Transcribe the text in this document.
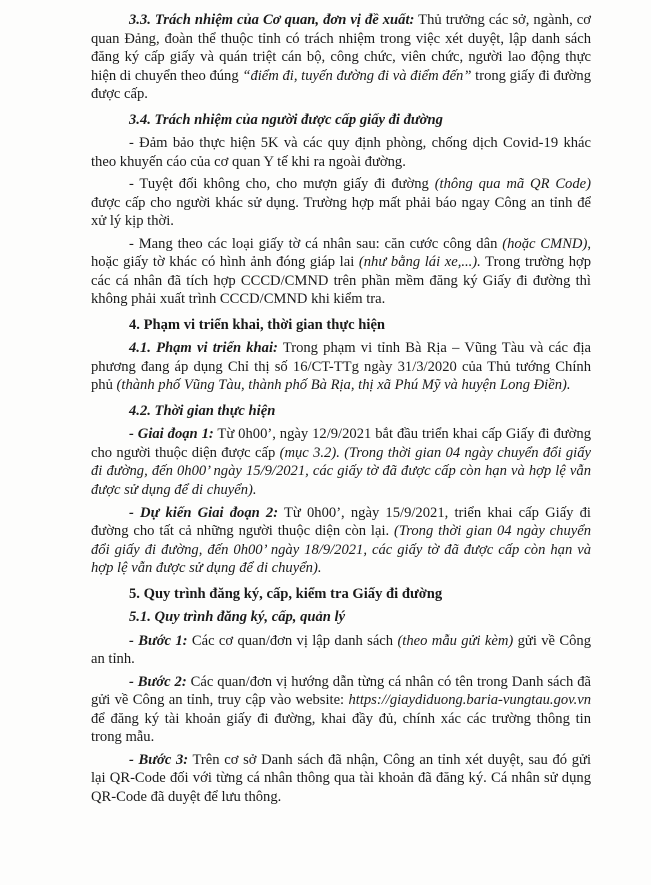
3.3. Trách nhiệm của Cơ quan, đơn vị đề xuất: Thủ trưởng các sở, ngành, cơ quan Đảng, đoàn thể thuộc tỉnh có trách nhiệm trong việc xét duyệt, lập danh sách đăng ký cấp giấy và quán triệt cán bộ, công chức, viên chức, người lao động thực hiện di chuyển theo đúng “điểm đi, tuyến đường đi và điểm đến” trong giấy đi đường được cấp.

3.4. Trách nhiệm của người được cấp giấy đi đường

- Đảm bảo thực hiện 5K và các quy định phòng, chống dịch Covid-19 khác theo khuyến cáo của cơ quan Y tế khi ra ngoài đường.

- Tuyệt đối không cho, cho mượn giấy đi đường (thông qua mã QR Code) được cấp cho người khác sử dụng. Trường hợp mất phải báo ngay Công an tỉnh để xử lý kịp thời.

- Mang theo các loại giấy tờ cá nhân sau: căn cước công dân (hoặc CMND), hoặc giấy tờ khác có hình ảnh đóng giáp lai (như bằng lái xe,...). Trong trường hợp các cá nhân đã tích hợp CCCD/CMND trên phần mềm đăng ký Giấy đi đường thì không phải xuất trình CCCD/CMND khi kiểm tra.

4. Phạm vi triển khai, thời gian thực hiện

4.1. Phạm vi triển khai: Trong phạm vi tỉnh Bà Rịa – Vũng Tàu và các địa phương đang áp dụng Chỉ thị số 16/CT-TTg ngày 31/3/2020 của Thủ tướng Chính phủ (thành phố Vũng Tàu, thành phố Bà Rịa, thị xã Phú Mỹ và huyện Long Điền).

4.2. Thời gian thực hiện

- Giai đoạn 1: Từ 0h00’, ngày 12/9/2021 bắt đầu triển khai cấp Giấy đi đường cho người thuộc diện được cấp (mục 3.2). (Trong thời gian 04 ngày chuyển đổi giấy đi đường, đến 0h00’ ngày 15/9/2021, các giấy tờ đã được cấp còn hạn và hợp lệ vẫn được sử dụng để di chuyển).

- Dự kiến Giai đoạn 2: Từ 0h00’, ngày 15/9/2021, triển khai cấp Giấy đi đường cho tất cả những người thuộc diện còn lại. (Trong thời gian 04 ngày chuyển đổi giấy đi đường, đến 0h00’ ngày 18/9/2021, các giấy tờ đã được cấp còn hạn và hợp lệ vẫn được sử dụng để di chuyển).

5. Quy trình đăng ký, cấp, kiểm tra Giấy đi đường

5.1. Quy trình đăng ký, cấp, quản lý

- Bước 1: Các cơ quan/đơn vị lập danh sách (theo mẫu gửi kèm) gửi về Công an tỉnh.

- Bước 2: Các quan/đơn vị hướng dẫn từng cá nhân có tên trong Danh sách đã gửi về Công an tỉnh, truy cập vào website: https://giaydiduong.baria-vungtau.gov.vn để đăng ký tài khoản giấy đi đường, khai đầy đủ, chính xác các trường thông tin trong mẫu.

- Bước 3: Trên cơ sở Danh sách đã nhận, Công an tỉnh xét duyệt, sau đó gửi lại QR-Code đối với từng cá nhân thông qua tài khoản đã đăng ký. Cá nhân sử dụng QR-Code đã duyệt để lưu thông.
